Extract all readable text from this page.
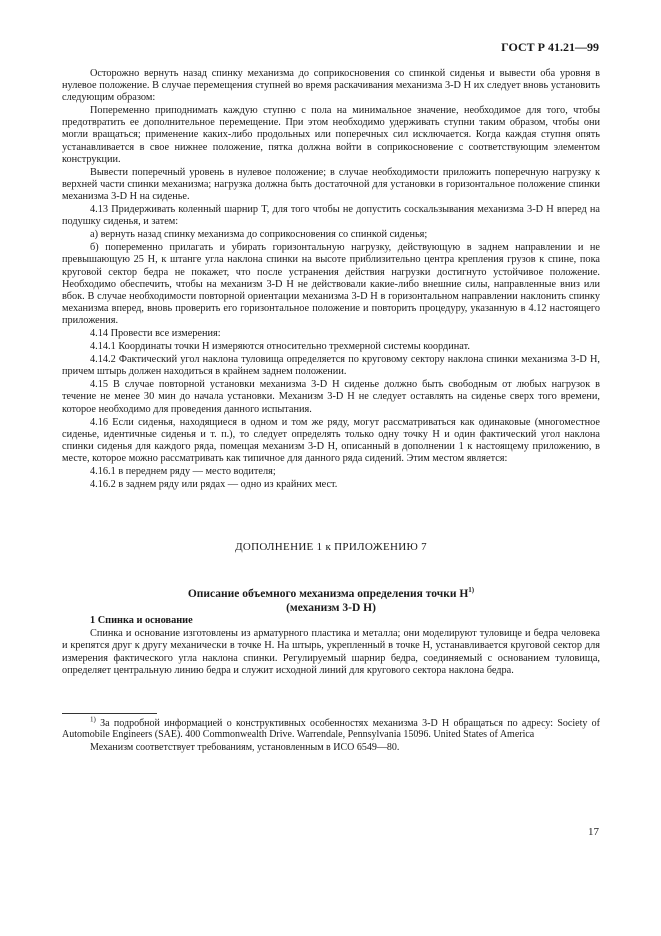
ГОСТ Р 41.21—99

Осторожно вернуть назад спинку механизма до соприкосновения со спинкой сиденья и вывести оба уровня в нулевое положение. В случае перемещения ступней во время раскачивания механизма 3-D H их следует вновь установить следующим образом:

Попеременно приподнимать каждую ступню с пола на минимальное значение, необходимое для того, чтобы предотвратить ее дополнительное перемещение. При этом необходимо удерживать ступни таким образом, чтобы они могли вращаться; применение каких-либо продольных или поперечных сил исключается. Когда каждая ступня опять устанавливается в свое нижнее положение, пятка должна войти в соприкосновение с соответствующим элементом конструкции.

Вывести поперечный уровень в нулевое положение; в случае необходимости приложить поперечную нагрузку к верхней части спинки механизма; нагрузка должна быть достаточной для установки в горизонтальное положение спинки механизма 3-D H на сиденье.

4.13 Придерживать коленный шарнир T, для того чтобы не допустить соскальзывания механизма 3-D H вперед на подушку сиденья, и затем:

а) вернуть назад спинку механизма до соприкосновения со спинкой сиденья;

б) попеременно прилагать и убирать горизонтальную нагрузку, действующую в заднем направлении и не превышающую 25 Н, к штанге угла наклона спинки на высоте приблизительно центра крепления грузов к спине, пока круговой сектор бедра не покажет, что после устранения действия нагрузки достигнуто устойчивое положение. Необходимо обеспечить, чтобы на механизм 3-D H не действовали какие-либо внешние силы, направленные вниз или вбок. В случае необходимости повторной ориентации механизма 3-D H в горизонтальном направлении наклонить спинку механизма вперед, вновь проверить его горизонтальное положение и повторить процедуру, указанную в 4.12 настоящего приложения.

4.14 Провести все измерения:

4.14.1 Координаты точки H измеряются относительно трехмерной системы координат.

4.14.2 Фактический угол наклона туловища определяется по круговому сектору наклона спинки механизма 3-D H, причем штырь должен находиться в крайнем заднем положении.

4.15 В случае повторной установки механизма 3-D H сиденье должно быть свободным от любых нагрузок в течение не менее 30 мин до начала установки. Механизм 3-D H не следует оставлять на сиденье сверх того времени, которое необходимо для проведения данного испытания.

4.16 Если сиденья, находящиеся в одном и том же ряду, могут рассматриваться как одинаковые (многоместное сиденье, идентичные сиденья и т. п.), то следует определять только одну точку H и один фактический угол наклона спинки сиденья для каждого ряда, помещая механизм 3-D H, описанный в дополнении 1 к настоящему приложению, в месте, которое можно рассматривать как типичное для данного ряда сидений. Этим местом является:

4.16.1 в переднем ряду — место водителя;

4.16.2 в заднем ряду или рядах — одно из крайних мест.

ДОПОЛНЕНИЕ 1 к ПРИЛОЖЕНИЮ 7
Описание объемного механизма определения точки $H^{1)}$
(механизм 3-D H)

1 Спинка и основание

Спинка и основание изготовлены из арматурного пластика и металла; они моделируют туловище и бедра человека и крепятся друг к другу механически в точке H. На штырь, укрепленный в точке H, устанавливается круговой сектор для измерения фактического угла наклона спинки. Регулируемый шарнир бедра, соединяемый с основанием туловища, определяет центральную линию бедра и служит исходной линий для кругового сектора наклона бедра.

$^{1)}$ За подробной информацией о конструктивных особенностях механизма 3-D H обращаться по адресу: Society of Automobile Engineers (SAE). 400 Commonwealth Drive. Warrendale, Pennsylvania 15096. United States of America

Механизм соответствует требованиям, установленным в ИСО 6549—80.

17
